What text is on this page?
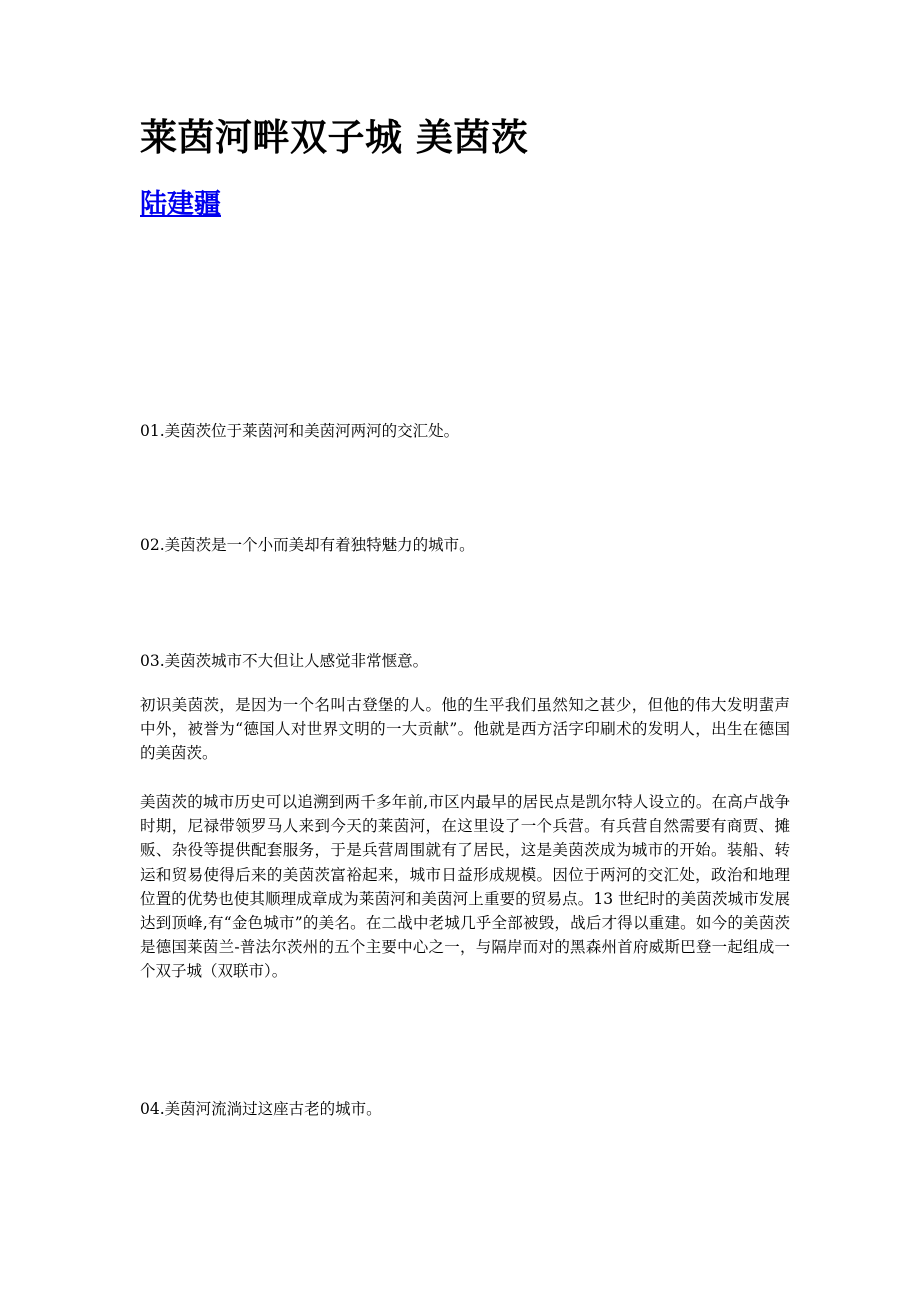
莱茵河畔双子城 美茵茨
陆建疆
01.美茵茨位于莱茵河和美茵河两河的交汇处。
02.美茵茨是一个小而美却有着独特魅力的城市。
03.美茵茨城市不大但让人感觉非常惬意。

初识美茵茨，是因为一个名叫古登堡的人。他的生平我们虽然知之甚少，但他的伟大发明蜚声中外，被誉为“德国人对世界文明的一大贡献”。他就是西方活字印刷术的发明人，出生在德国的美茵茨。

美茵茨的城市历史可以追溯到两千多年前,市区内最早的居民点是凯尔特人设立的。在高卢战争时期，尼禄带领罗马人来到今天的莱茵河，在这里设了一个兵营。有兵营自然需要有商贾、摊贩、杂役等提供配套服务，于是兵营周围就有了居民，这是美茵茨成为城市的开始。装船、转运和贸易使得后来的美茵茨富裕起来，城市日益形成规模。因位于两河的交汇处，政治和地理位置的优势也使其顺理成章成为莱茵河和美茵河上重要的贸易点。13 世纪时的美茵茨城市发展达到顶峰,有“金色城市”的美名。在二战中老城几乎全部被毁，战后才得以重建。如今的美茵茨是德国莱茵兰-普法尔茨州的五个主要中心之一，与隔岸而对的黑森州首府威斯巴登一起组成一个双子城（双联市）。

04.美茵河流淌过这座古老的城市。
